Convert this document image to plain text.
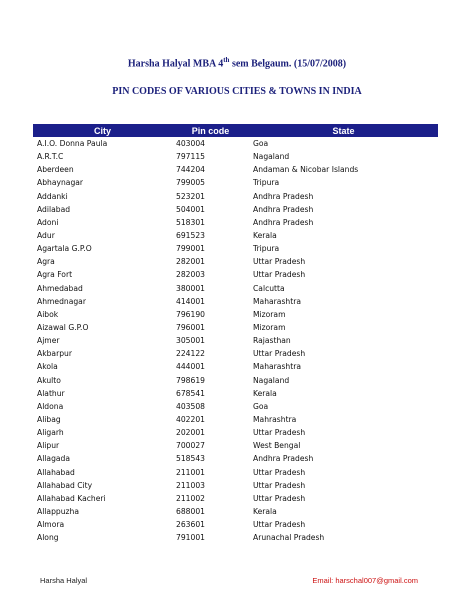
Harsha Halyal MBA 4th sem Belgaum. (15/07/2008)

PIN CODES OF VARIOUS CITIES & TOWNS IN INDIA

City	Pin code	State
A.I.O. Donna Paula	403004	Goa
A.R.T.C	797115	Nagaland
Aberdeen	744204	Andaman & Nicobar Islands
Abhaynagar	799005	Tripura
Addanki	523201	Andhra Pradesh
Adilabad	504001	Andhra Pradesh
Adoni	518301	Andhra Pradesh
Adur	691523	Kerala
Agartala G.P.O	799001	Tripura
Agra	282001	Uttar Pradesh
Agra Fort	282003	Uttar Pradesh
Ahmedabad	380001	Calcutta
Ahmednagar	414001	Maharashtra
Aibok	796190	Mizoram
Aizawal G.P.O	796001	Mizoram
Ajmer	305001	Rajasthan
Akbarpur	224122	Uttar Pradesh
Akola	444001	Maharashtra
Akulto	798619	Nagaland
Alathur	678541	Kerala
Aldona	403508	Goa
Alibag	402201	Mahrashtra
Aligarh	202001	Uttar Pradesh
Alipur	700027	West Bengal
Allagada	518543	Andhra Pradesh
Allahabad	211001	Uttar Pradesh
Allahabad City	211003	Uttar Pradesh
Allahabad Kacheri	211002	Uttar Pradesh
Allappuzha	688001	Kerala
Almora	263601	Uttar Pradesh
Along	791001	Arunachal Pradesh
Harsha Halyal	Email: harschal007@gmail.com
